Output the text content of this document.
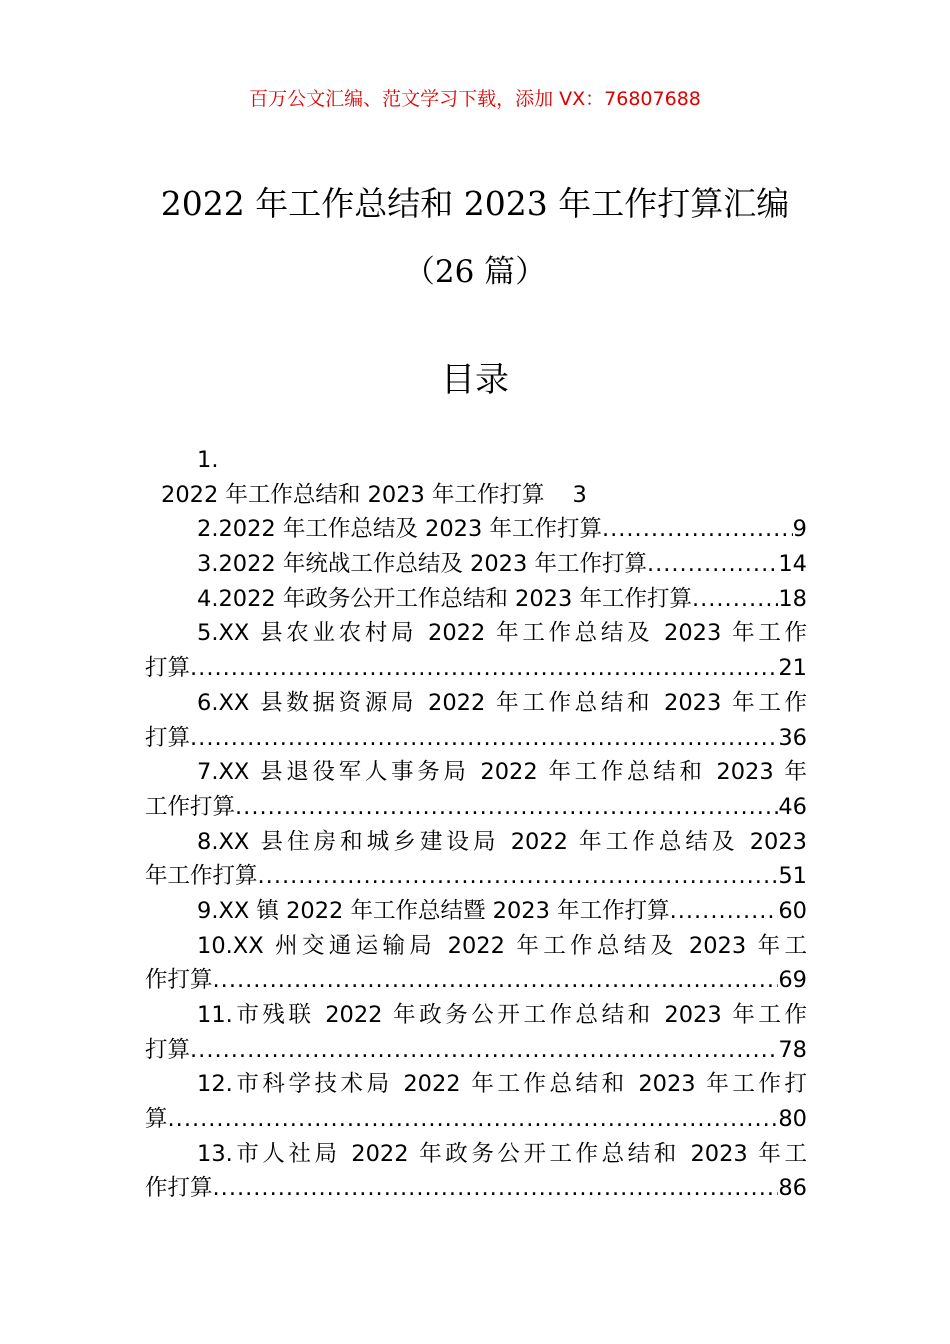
百万公文汇编、范文学习下载，添加 VX：76807688
2022 年工作总结和 2023 年工作打算汇编
（26 篇）
目录
1.
2022 年工作总结和 2023 年工作打算 3
2.2022 年工作总结及 2023 年工作打算 .....	9
3.2022 年统战工作总结及 2023 年工作打算 .....	14
4.2022 年政务公开工作总结和 2023 年工作打算 .....	18
5.XX 县农业农村局 2022 年工作总结及 2023 年工作
打算 .....	21
6.XX 县数据资源局 2022 年工作总结和 2023 年工作
打算 .....	36
7.XX 县退役军人事务局 2022 年工作总结和 2023 年
工作打算 .....	46
8.XX 县住房和城乡建设局 2022 年工作总结及 2023
年工作打算 .....	51
9.XX 镇 2022 年工作总结暨 2023 年工作打算 .....	60
10.XX 州交通运输局 2022 年工作总结及 2023 年工
作打算 .....	69
11.市残联 2022 年政务公开工作总结和 2023 年工作
打算 .....	78
12.市科学技术局 2022 年工作总结和 2023 年工作打
算 .....	80
13.市人社局 2022 年政务公开工作总结和 2023 年工
作打算 .....	86
